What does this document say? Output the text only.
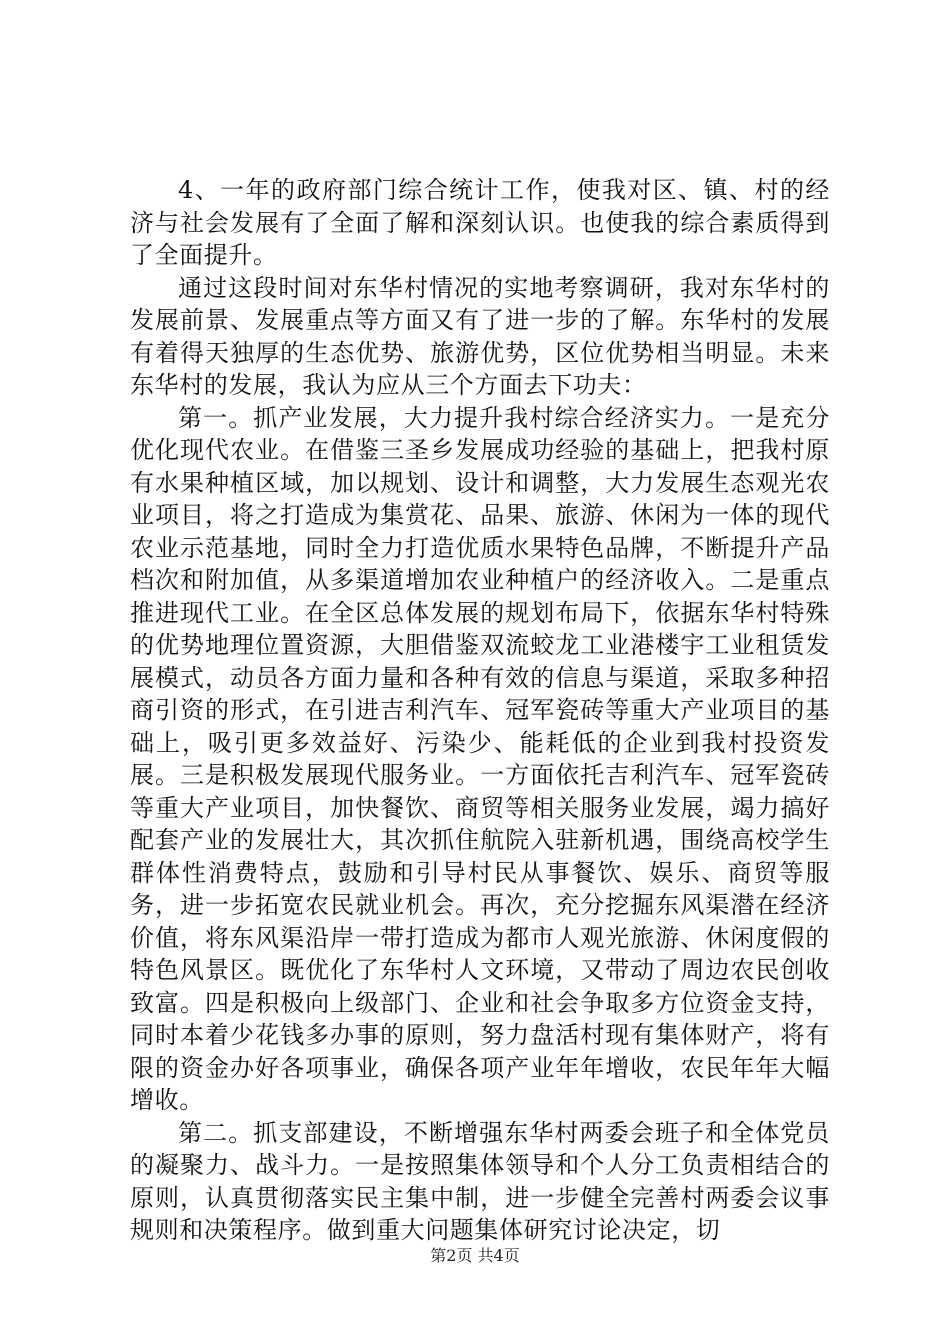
4、一年的政府部门综合统计工作，使我对区、镇、村的经济与社会发展有了全面了解和深刻认识。也使我的综合素质得到了全面提升。

通过这段时间对东华村情况的实地考察调研，我对东华村的发展前景、发展重点等方面又有了进一步的了解。东华村的发展有着得天独厚的生态优势、旅游优势，区位优势相当明显。未来东华村的发展，我认为应从三个方面去下功夫：

第一。抓产业发展，大力提升我村综合经济实力。一是充分优化现代农业。在借鉴三圣乡发展成功经验的基础上，把我村原有水果种植区域，加以规划、设计和调整，大力发展生态观光农业项目，将之打造成为集赏花、品果、旅游、休闲为一体的现代农业示范基地，同时全力打造优质水果特色品牌，不断提升产品档次和附加值，从多渠道增加农业种植户的经济收入。二是重点推进现代工业。在全区总体发展的规划布局下，依据东华村特殊的优势地理位置资源，大胆借鉴双流蛟龙工业港楼宇工业租赁发展模式，动员各方面力量和各种有效的信息与渠道，采取多种招商引资的形式，在引进吉利汽车、冠军瓷砖等重大产业项目的基础上，吸引更多效益好、污染少、能耗低的企业到我村投资发展。三是积极发展现代服务业。一方面依托吉利汽车、冠军瓷砖等重大产业项目，加快餐饮、商贸等相关服务业发展，竭力搞好配套产业的发展壮大，其次抓住航院入驻新机遇，围绕高校学生群体性消费特点，鼓励和引导村民从事餐饮、娱乐、商贸等服务，进一步拓宽农民就业机会。再次，充分挖掘东风渠潜在经济价值，将东风渠沿岸一带打造成为都市人观光旅游、休闲度假的特色风景区。既优化了东华村人文环境，又带动了周边农民创收致富。四是积极向上级部门、企业和社会争取多方位资金支持，同时本着少花钱多办事的原则，努力盘活村现有集体财产，将有限的资金办好各项事业，确保各项产业年年增收，农民年年大幅增收。

第二。抓支部建设，不断增强东华村两委会班子和全体党员的凝聚力、战斗力。一是按照集体领导和个人分工负责相结合的原则，认真贯彻落实民主集中制，进一步健全完善村两委会议事规则和决策程序。做到重大问题集体研究讨论决定，切

第2页 共4页
